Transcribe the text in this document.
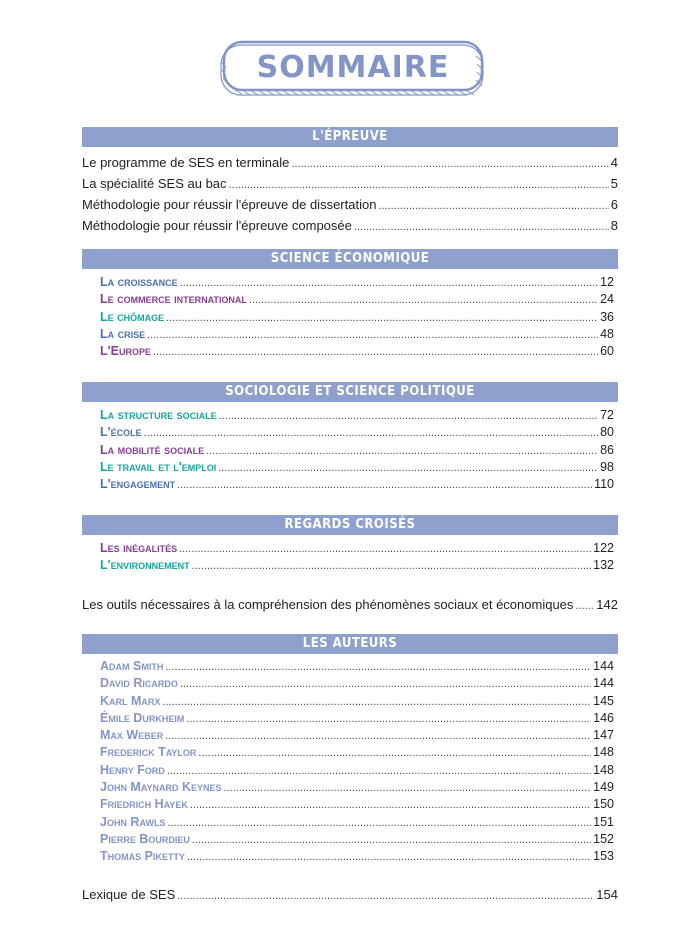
SOMMAIRE
L'ÉPREUVE
Le programme de SES en terminale .....	4
La spécialité SES au bac .....	5
Méthodologie pour réussir l'épreuve de dissertation .....	6
Méthodologie pour réussir l'épreuve composée .....	8
SCIENCE ÉCONOMIQUE
La croissance .....	12
Le commerce international .....	24
Le chômage .....	36
La crise .....	48
L'Europe .....	60
SOCIOLOGIE ET SCIENCE POLITIQUE
La structure sociale .....	72
L'école .....	80
La mobilité sociale .....	86
Le travail et l'emploi .....	98
L'engagement .....	110
REGARDS CROISÉS
Les inégalités .....	122
L'environnement .....	132
Les outils nécessaires à la compréhension des phénomènes sociaux et économiques ..... 142
LES AUTEURS
Adam Smith .....	144
David Ricardo .....	144
Karl Marx .....	145
Émile Durkheim .....	146
Max Weber .....	147
Frederick Taylor .....	148
Henry Ford .....	148
John Maynard Keynes .....	149
Friedrich Hayek .....	150
John Rawls .....	151
Pierre Bourdieu .....	152
Thomas Piketty .....	153
Lexique de SES .....	154
